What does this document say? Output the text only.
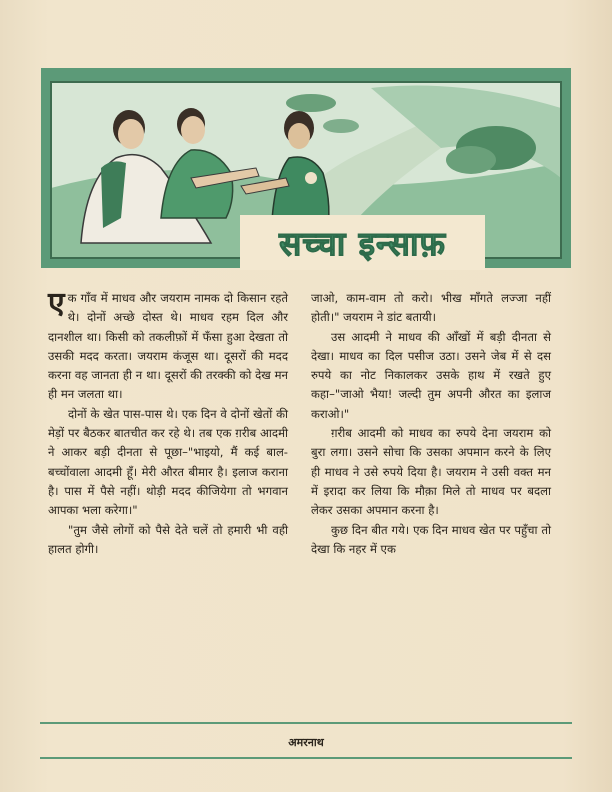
सच्चा इन्साफ़

एक गाँव में माधव और जयराम नामक दो किसान रहते थे। दोनों अच्छे दोस्त थे। माधव रहम दिल और दानशील था। किसी को तकलीफ़ों में फँसा हुआ देखता तो उसकी मदद करता। जयराम कंजूस था। दूसरों की मदद करना वह जानता ही न था। दूसरों की तरक्की को देख मन ही मन जलता था।

दोनों के खेत पास-पास थे। एक दिन वे दोनों खेतों की मेड़ों पर बैठकर बातचीत कर रहे थे। तब एक ग़रीब आदमी ने आकर बड़ी दीनता से पूछा–"भाइयो, मैं कई बाल-बच्चोंवाला आदमी हूँ। मेरी औरत बीमार है। इलाज कराना है। पास में पैसे नहीं। थोड़ी मदद कीजियेगा तो भगवान आपका भला करेगा।"

"तुम जैसे लोगों को पैसे देते चलें तो हमारी भी वही हालत होगी।

जाओ, काम-वाम तो करो। भीख माँगते लज्जा नहीं होती।" जयराम ने डांट बतायी।

उस आदमी ने माधव की आँखों में बड़ी दीनता से देखा। माधव का दिल पसीज उठा। उसने जेब में से दस रुपये का नोट निकालकर उसके हाथ में रखते हुए कहा–"जाओ भैया! जल्दी तुम अपनी औरत का इलाज कराओ।"

ग़रीब आदमी को माधव का रुपये देना जयराम को बुरा लगा। उसने सोचा कि उसका अपमान करने के लिए ही माधव ने उसे रुपये दिया है। जयराम ने उसी वक्त मन में इरादा कर लिया कि मौक़ा मिले तो माधव पर बदला लेकर उसका अपमान करना है।

कुछ दिन बीत गये। एक दिन माधव खेत पर पहुँचा तो देखा कि नहर में एक

अमरनाथ
